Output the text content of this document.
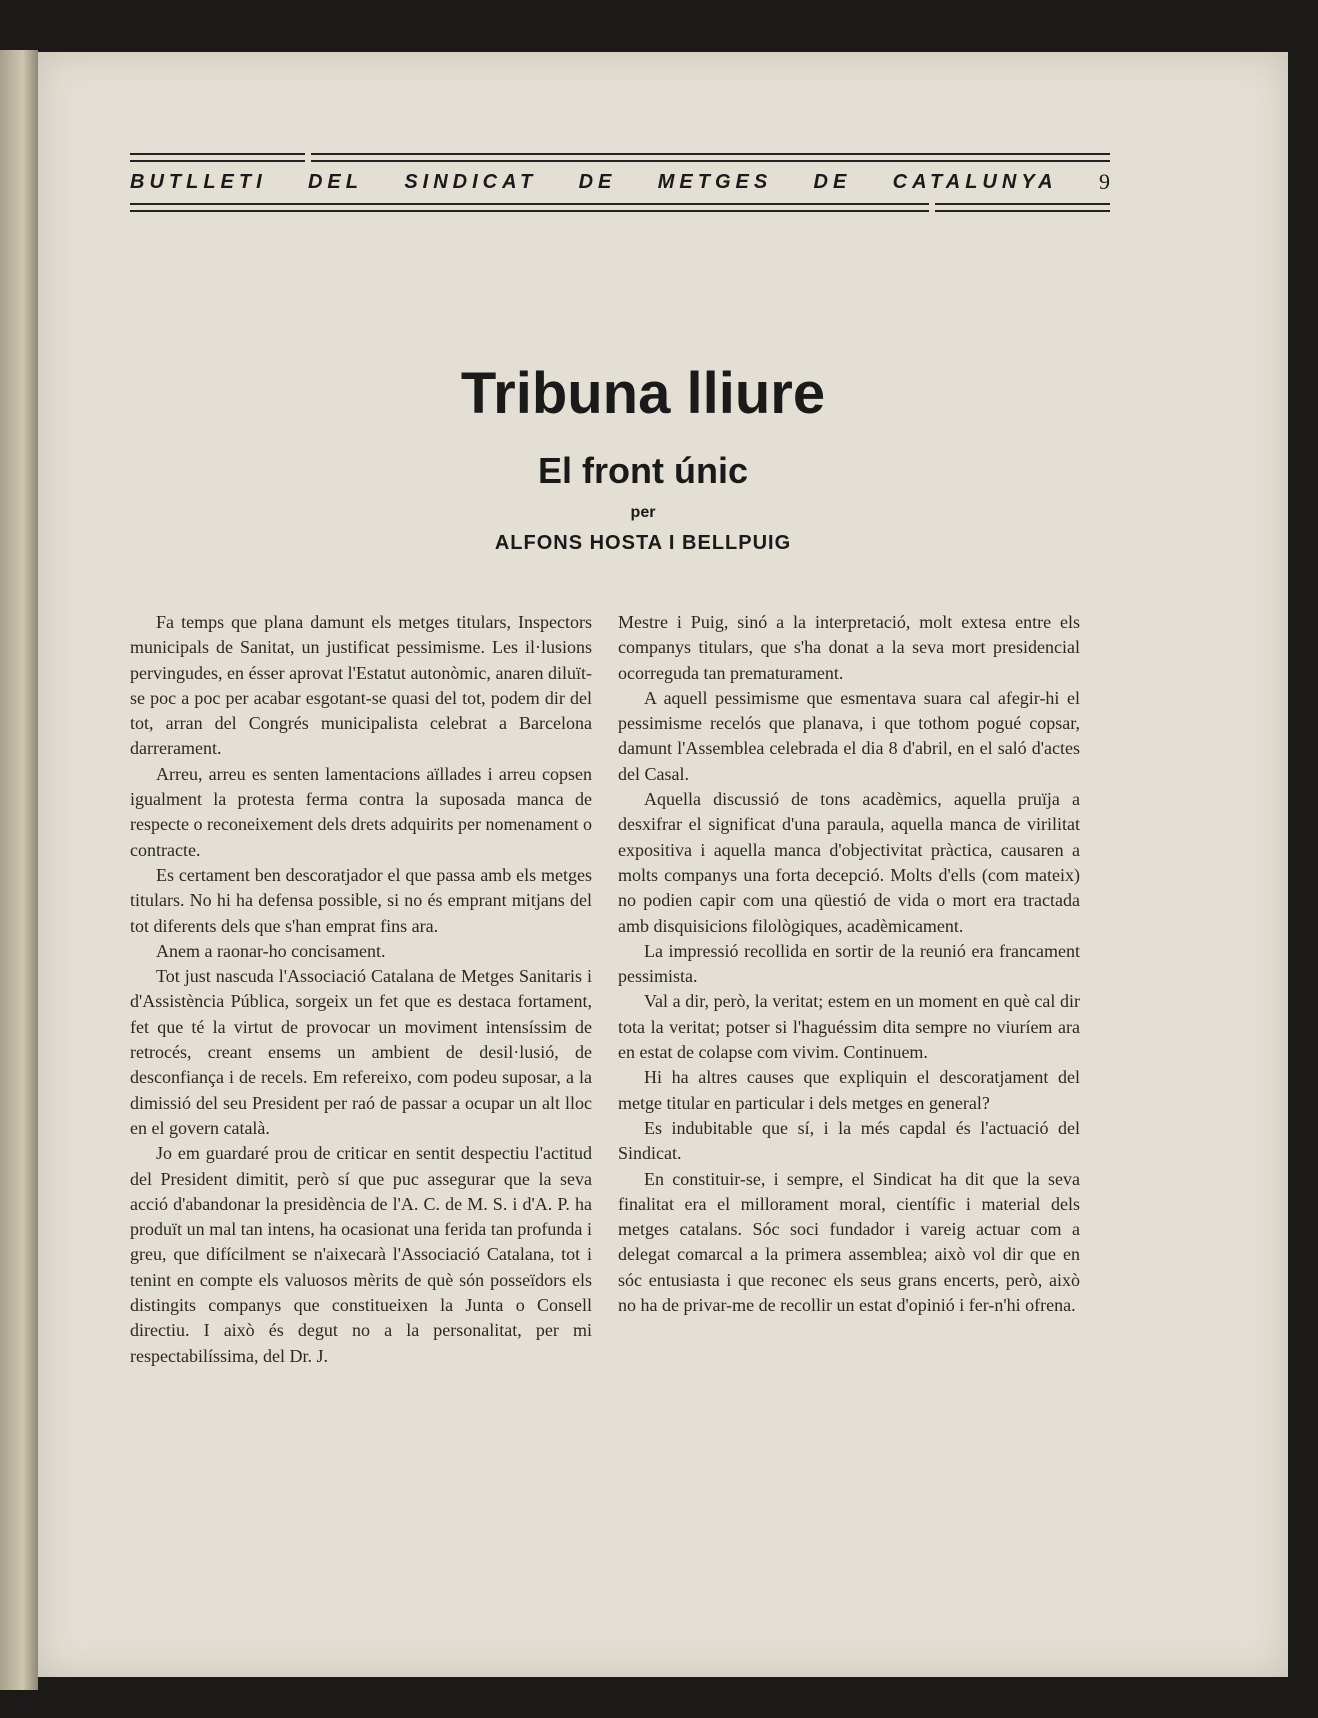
BUTLLETI DEL SINDICAT DE METGES DE CATALUNYA 9
Tribuna lliure
El front únic
per
ALFONS HOSTA I BELLPUIG

Fa temps que plana damunt els metges titulars, Inspectors municipals de Sanitat, un justificat pessimisme. Les il·lusions pervingudes, en ésser aprovat l'Estatut autonòmic, anaren diluït-se poc a poc per acabar esgotant-se quasi del tot, podem dir del tot, arran del Congrés municipalista celebrat a Barcelona darrerament.

Arreu, arreu es senten lamentacions aïllades i arreu copsen igualment la protesta ferma contra la suposada manca de respecte o reconeixement dels drets adquirits per nomenament o contracte.

Es certament ben descoratjador el que passa amb els metges titulars. No hi ha defensa possible, si no és emprant mitjans del tot diferents dels que s'han emprat fins ara.

Anem a raonar-ho concisament.

Tot just nascuda l'Associació Catalana de Metges Sanitaris i d'Assistència Pública, sorgeix un fet que es destaca fortament, fet que té la virtut de provocar un moviment intensíssim de retrocés, creant ensems un ambient de desil·lusió, de desconfiança i de recels. Em refereixo, com podeu suposar, a la dimissió del seu President per raó de passar a ocupar un alt lloc en el govern català.

Jo em guardaré prou de criticar en sentit despectiu l'actitud del President dimitit, però sí que puc assegurar que la seva acció d'abandonar la presidència de l'A. C. de M. S. i d'A. P. ha produït un mal tan intens, ha ocasionat una ferida tan profunda i greu, que difícilment se n'aixecarà l'Associació Catalana, tot i tenint en compte els valuosos mèrits de què són posseïdors els distingits companys que constitueixen la Junta o Consell directiu. I això és degut no a la personalitat, per mi respectabilíssima, del Dr. J.

Mestre i Puig, sinó a la interpretació, molt extesa entre els companys titulars, que s'ha donat a la seva mort presidencial ocorreguda tan prematurament.

A aquell pessimisme que esmentava suara cal afegir-hi el pessimisme recelós que planava, i que tothom pogué copsar, damunt l'Assemblea celebrada el dia 8 d'abril, en el saló d'actes del Casal.

Aquella discussió de tons acadèmics, aquella pruïja a desxifrar el significat d'una paraula, aquella manca de virilitat expositiva i aquella manca d'objectivitat pràctica, causaren a molts companys una forta decepció. Molts d'ells (com mateix) no podien capir com una qüestió de vida o mort era tractada amb disquisicions filològiques, acadèmicament.

La impressió recollida en sortir de la reunió era francament pessimista.

Val a dir, però, la veritat; estem en un moment en què cal dir tota la veritat; potser si l'haguéssim dita sempre no viuríem ara en estat de colapse com vivim. Continuem.

Hi ha altres causes que expliquin el descoratjament del metge titular en particular i dels metges en general?

Es indubitable que sí, i la més capdal és l'actuació del Sindicat.

En constituir-se, i sempre, el Sindicat ha dit que la seva finalitat era el millorament moral, científic i material dels metges catalans. Sóc soci fundador i vareig actuar com a delegat comarcal a la primera assemblea; això vol dir que en sóc entusiasta i que reconec els seus grans encerts, però, això no ha de privar-me de recollir un estat d'opinió i fer-n'hi ofrena.
